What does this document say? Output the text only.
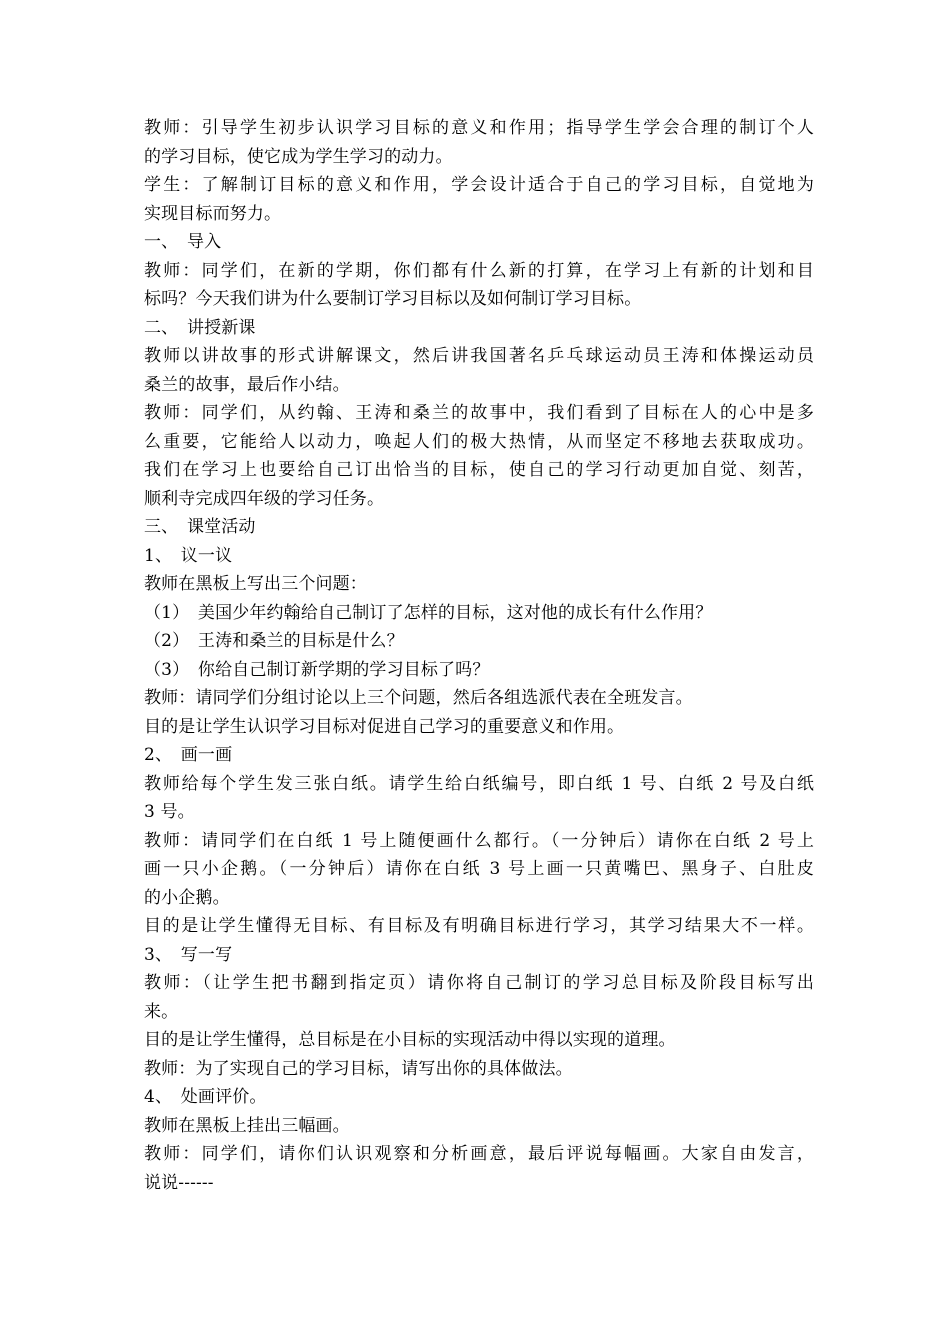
教师：引导学生初步认识学习目标的意义和作用；指导学生学会合理的制订个人
的学习目标，使它成为学生学习的动力。
学生：了解制订目标的意义和作用，学会设计适合于自己的学习目标，自觉地为
实现目标而努力。
一、　导入
教师：同学们，在新的学期，你们都有什么新的打算，在学习上有新的计划和目
标吗？今天我们讲为什么要制订学习目标以及如何制订学习目标。
二、　讲授新课
教师以讲故事的形式讲解课文，然后讲我国著名乒乓球运动员王涛和体操运动员
桑兰的故事，最后作小结。
教师：同学们，从约翰、王涛和桑兰的故事中，我们看到了目标在人的心中是多
么重要，它能给人以动力，唤起人们的极大热情，从而坚定不移地去获取成功。
我们在学习上也要给自己订出恰当的目标，使自己的学习行动更加自觉、刻苦，
顺利寺完成四年级的学习任务。
三、　课堂活动
1、　议一议
教师在黑板上写出三个问题：
（1）　美国少年约翰给自己制订了怎样的目标，这对他的成长有什么作用？
（2）　王涛和桑兰的目标是什么？
（3）　你给自己制订新学期的学习目标了吗？
教师：请同学们分组讨论以上三个问题，然后各组选派代表在全班发言。
目的是让学生认识学习目标对促进自己学习的重要意义和作用。
2、　画一画
教师给每个学生发三张白纸。请学生给白纸编号，即白纸 1 号、白纸 2 号及白纸
3 号。
教师：请同学们在白纸 1 号上随便画什么都行。（一分钟后）请你在白纸 2 号上
画一只小企鹅。（一分钟后）请你在白纸 3 号上画一只黄嘴巴、黑身子、白肚皮
的小企鹅。
目的是让学生懂得无目标、有目标及有明确目标进行学习，其学习结果大不一样。
3、　写一写
教师：（让学生把书翻到指定页）请你将自己制订的学习总目标及阶段目标写出
来。
目的是让学生懂得，总目标是在小目标的实现活动中得以实现的道理。
教师：为了实现自己的学习目标，请写出你的具体做法。
4、　处画评价。
教师在黑板上挂出三幅画。
教师：同学们，请你们认识观察和分析画意，最后评说每幅画。大家自由发言，
说说------
